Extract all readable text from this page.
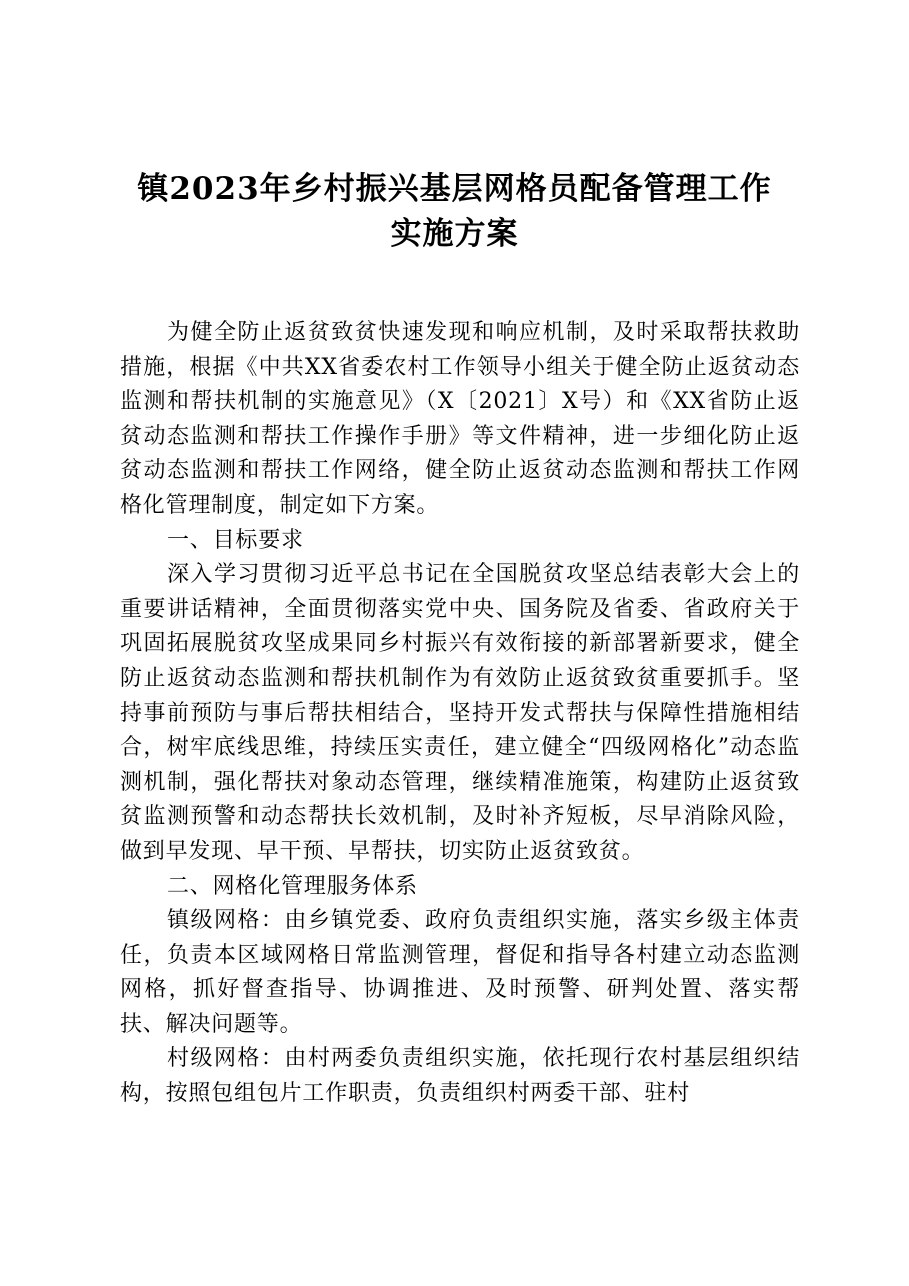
镇2023年乡村振兴基层网格员配备管理工作
实施方案

为健全防止返贫致贫快速发现和响应机制，及时采取帮扶救助措施，根据《中共XX省委农村工作领导小组关于健全防止返贫动态监测和帮扶机制的实施意见》（X〔2021〕X号）和《XX省防止返贫动态监测和帮扶工作操作手册》等文件精神，进一步细化防止返贫动态监测和帮扶工作网络，健全防止返贫动态监测和帮扶工作网格化管理制度，制定如下方案。

一、目标要求

深入学习贯彻习近平总书记在全国脱贫攻坚总结表彰大会上的重要讲话精神，全面贯彻落实党中央、国务院及省委、省政府关于巩固拓展脱贫攻坚成果同乡村振兴有效衔接的新部署新要求，健全防止返贫动态监测和帮扶机制作为有效防止返贫致贫重要抓手。坚持事前预防与事后帮扶相结合，坚持开发式帮扶与保障性措施相结合，树牢底线思维，持续压实责任，建立健全“四级网格化”动态监测机制，强化帮扶对象动态管理，继续精准施策，构建防止返贫致贫监测预警和动态帮扶长效机制，及时补齐短板，尽早消除风险，做到早发现、早干预、早帮扶，切实防止返贫致贫。

二、网格化管理服务体系

镇级网格：由乡镇党委、政府负责组织实施，落实乡级主体责任，负责本区域网格日常监测管理，督促和指导各村建立动态监测网格，抓好督查指导、协调推进、及时预警、研判处置、落实帮扶、解决问题等。

村级网格：由村两委负责组织实施，依托现行农村基层组织结构，按照包组包片工作职责，负责组织村两委干部、驻村
